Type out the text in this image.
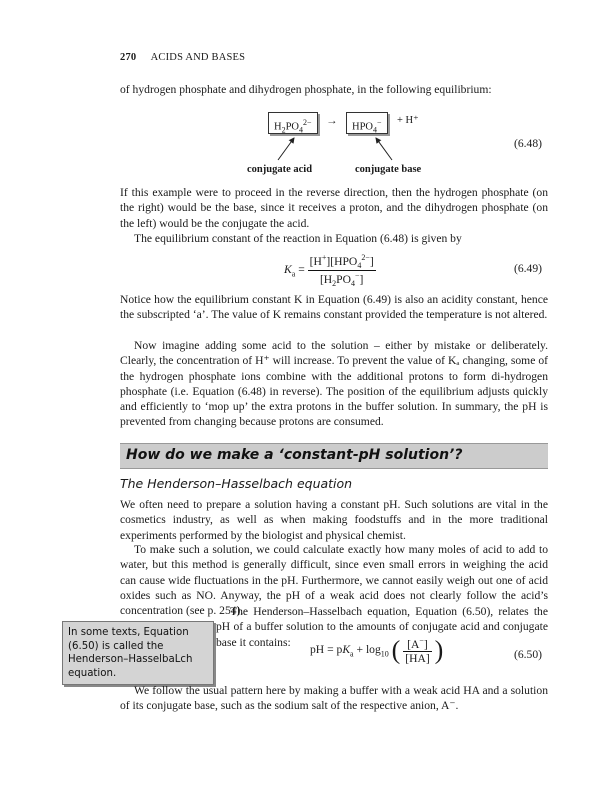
270 ACIDS AND BASES

of hydrogen phosphate and dihydrogen phosphate, in the following equilibrium:

$H_2PO_4^{2-}$	→	$HPO_4^-$	+ H⁺
conjugate acid	conjugate base
(6.48)

If this example were to proceed in the reverse direction, then the hydrogen phosphate (on the right) would be the base, since it receives a proton, and the dihydrogen phosphate (on the left) would be the conjugate the acid.

The equilibrium constant of the reaction in Equation (6.48) is given by

$K_a = \frac{[H^+][HPO_4^{2-}]}{[H_2PO_4^-]}$	(6.49)

Notice how the equilibrium constant K in Equation (6.49) is also an acidity constant, hence the subscripted ‘a’. The value of K remains constant provided the temperature is not altered.

Now imagine adding some acid to the solution – either by mistake or deliberately. Clearly, the concentration of H⁺ will increase. To prevent the value of Kₐ changing, some of the hydrogen phosphate ions combine with the additional protons to form di-hydrogen phosphate (i.e. Equation (6.48) in reverse). The position of the equilibrium adjusts quickly and efficiently to ‘mop up’ the extra protons in the buffer solution. In summary, the pH is prevented from changing because protons are consumed.

How do we make a ‘constant-pH solution’?
The Henderson–Hasselbach equation

We often need to prepare a solution having a constant pH. Such solutions are vital in the cosmetics industry, as well as when making foodstuffs and in the more traditional experiments performed by the biologist and physical chemist.

To make such a solution, we could calculate exactly how many moles of acid to add to water, but this method is generally difficult, since even small errors in weighing the acid can cause wide fluctuations in the pH. Furthermore, we cannot easily weigh out one of acid oxides such as NO. Anyway, the pH of a weak acid does not clearly follow the acid’s concentration (see p. 254).

In some texts, Equation (6.50) is called the Henderson–HasselbaLch equation.

The Henderson–Hasselbach equation, Equation (6.50), relates the pH of a buffer solution to the amounts of conjugate acid and conjugate base it contains:

pH = $pK_a + \log_{10}$ ( $\frac{[A^-]}{[HA]}$ )	(6.50)

We follow the usual pattern here by making a buffer with a weak acid HA and a solution of its conjugate base, such as the sodium salt of the respective anion, A⁻.
